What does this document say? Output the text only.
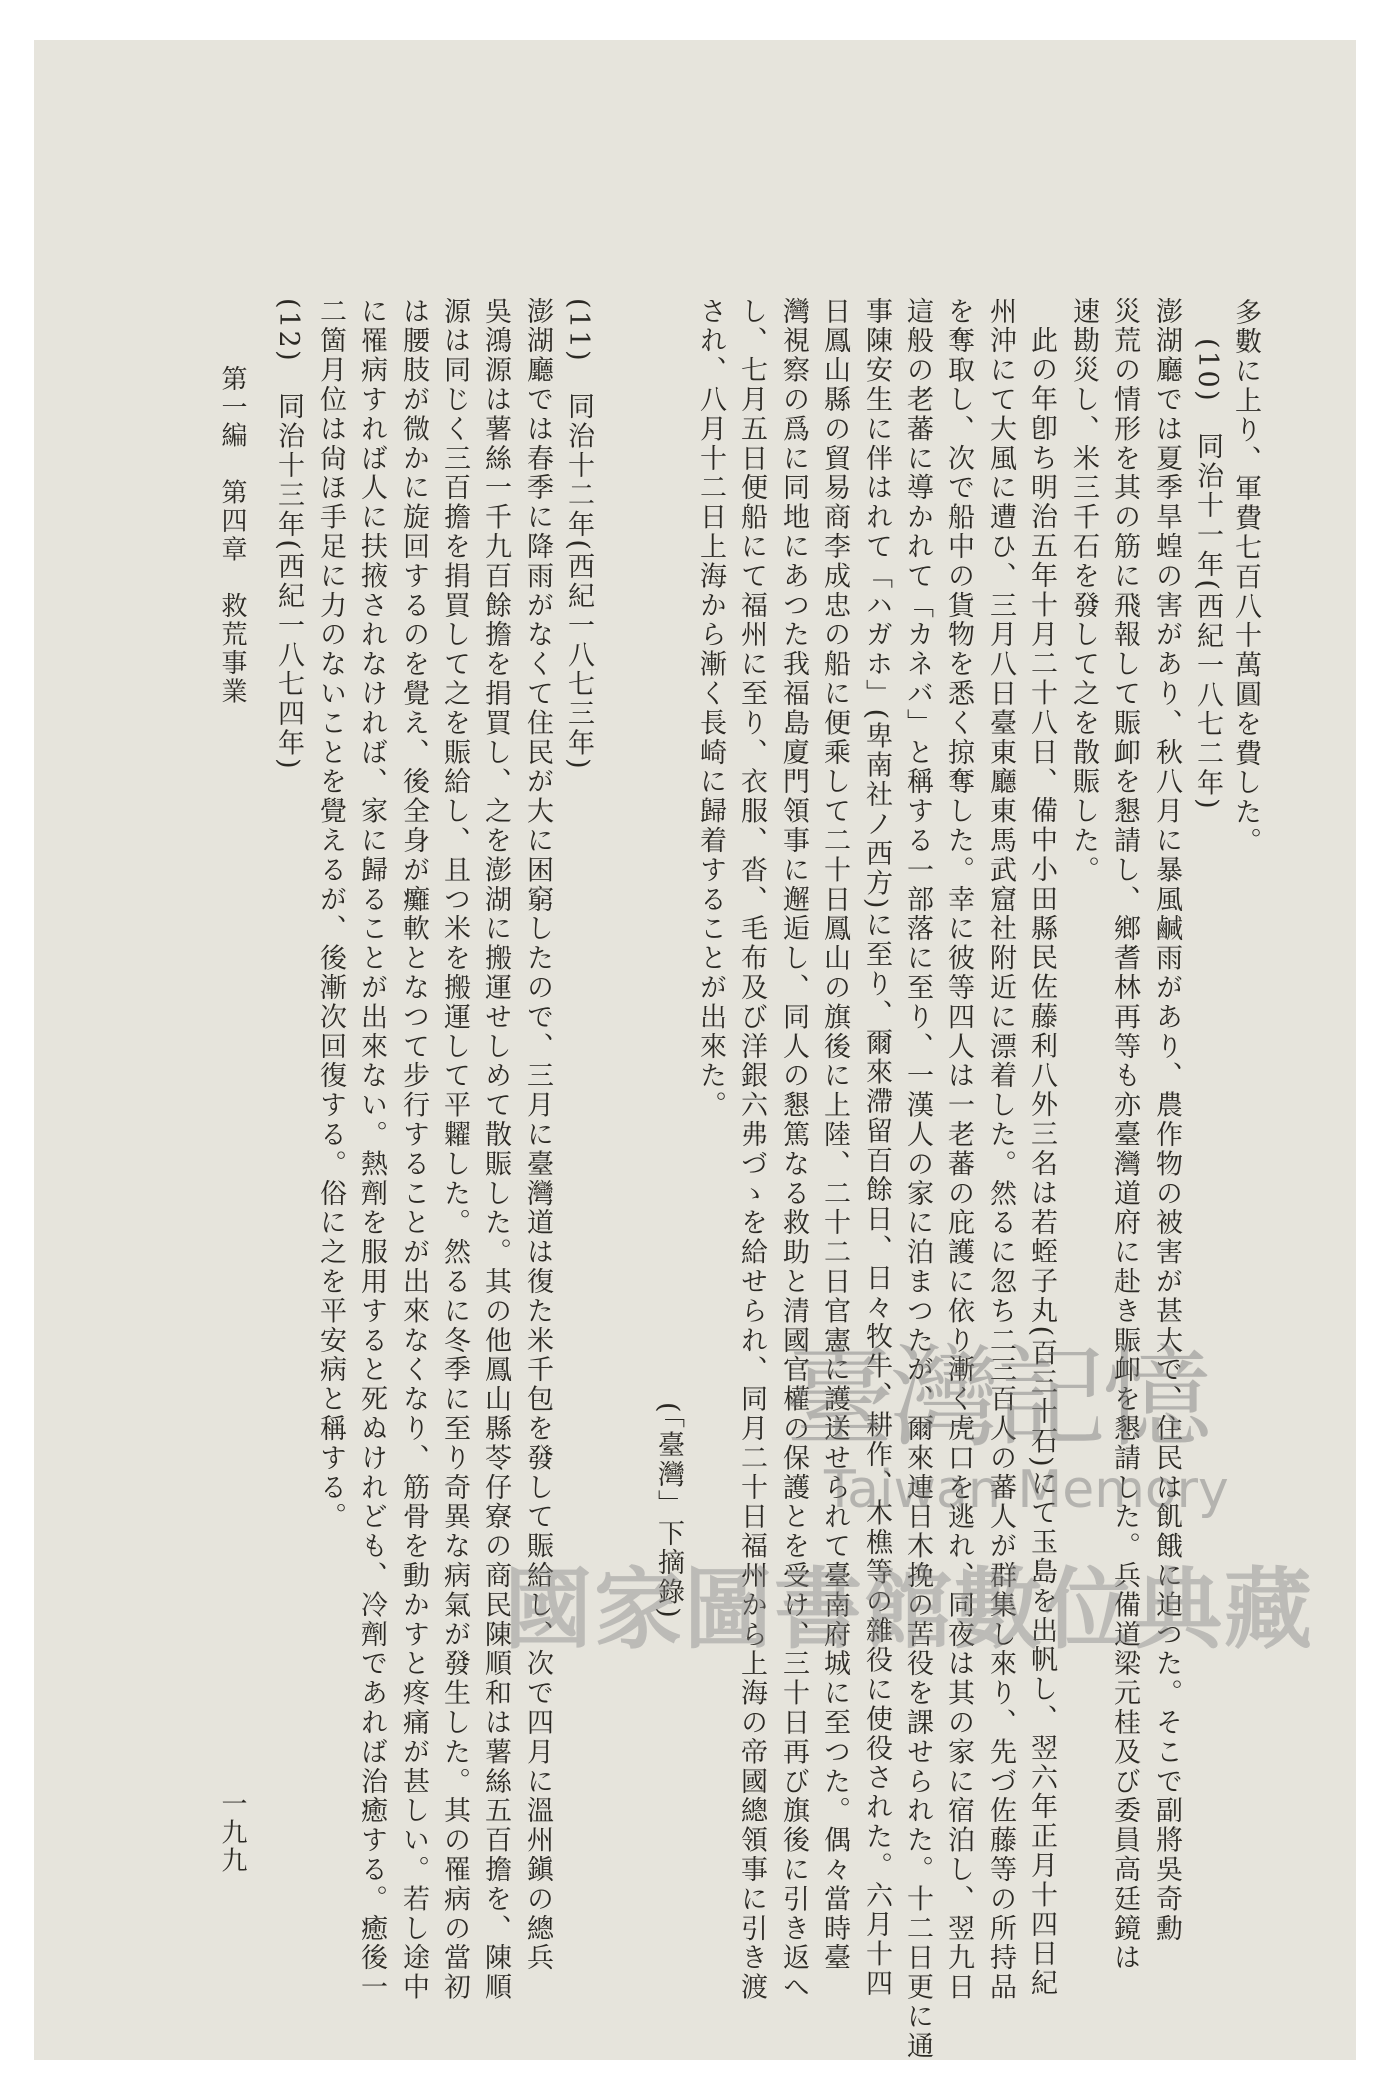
多數に上り、軍費七百八十萬圓を費した。
(10)　同治十一年(西紀一八七二年)
澎湖廳では夏季旱蝗の害があり、秋八月に暴風鹹雨があり、農作物の被害が甚大で、住民は飢餓に迫つた。そこで副將吳奇勳
災荒の情形を其の筋に飛報して賑卹を懇請し、鄉耆林再等も亦臺灣道府に赴き賑卹を懇請した。兵備道梁元桂及び委員高廷鏡は
速勘災し、米三千石を發して之を散賑した。
此の年卽ち明治五年十月二十八日、備中小田縣民佐藤利八外三名は若蛭子丸(百三十石)にて玉島を出帆し、翌六年正月十四日紀
州沖にて大風に遭ひ、三月八日臺東廳東馬武窟社附近に漂着した。然るに忽ち二三百人の蕃人が群集し來り、先づ佐藤等の所持品
を奪取し、次で船中の貨物を悉く掠奪した。幸に彼等四人は一老蕃の庇護に依り漸く虎口を逃れ、同夜は其の家に宿泊し、翌九日
這般の老蕃に導かれて「カネバ」と稱する一部落に至り、一漢人の家に泊まつたが、爾來連日木挽の苦役を課せられた。十二日更に通
事陳安生に伴はれて「ハガホ」(卑南社ノ西方)に至り、爾來滯留百餘日、日々牧牛、耕作、木樵等の雜役に使役された。六月十四
日鳳山縣の貿易商李成忠の船に便乘して二十日鳳山の旗後に上陸、二十二日官憲に護送せられて臺南府城に至つた。偶々當時臺
灣視察の爲に同地にあつた我福島廈門領事に邂逅し、同人の懇篤なる救助と清國官權の保護とを受け、三十日再び旗後に引き返へ
し、七月五日便船にて福州に至り、衣服、沓、毛布及び洋銀六弗づゝを給せられ、同月二十日福州から上海の帝國總領事に引き渡
され、八月十二日上海から漸く長崎に歸着することが出來た。
(「臺灣」下摘錄)
(11)　同治十二年(西紀一八七三年)
澎湖廳では春季に降雨がなくて住民が大に困窮したので、三月に臺灣道は復た米千包を發して賑給し、次で四月に溫州鎭の總兵
吳鴻源は薯絲一千九百餘擔を捐買し、之を澎湖に搬運せしめて散賑した。其の他鳳山縣苓仔寮の商民陳順和は薯絲五百擔を、陳順
源は同じく三百擔を捐買して之を賑給し、且つ米を搬運して平糶した。然るに冬季に至り奇異な病氣が發生した。其の罹病の當初
は腰肢が微かに旋回するのを覺え、後全身が癱軟となつて步行することが出來なくなり、筋骨を動かすと疼痛が甚しい。若し途中
に罹病すれば人に扶掖されなければ、家に歸ることが出來ない。熱劑を服用すると死ぬけれども、冷劑であれば治癒する。癒後一
二箇月位は尙ほ手足に力のないことを覺えるが、後漸次回復する。俗に之を平安病と稱する。
(12)　同治十三年(西紀一八七四年)
第一編　第四章　救荒事業
一九九
臺灣記憶
Taiwan Memory
國家圖書館數位典藏
